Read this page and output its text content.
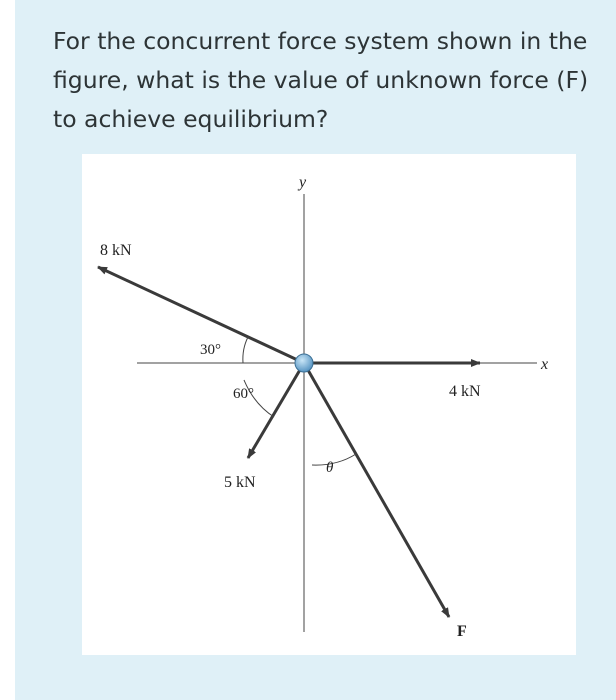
For the concurrent force system shown in the figure, what is the value of unknown force (F) to achieve equilibrium?

x
y
8 kN
4 kN
5 kN
F
30°
60°
θ
